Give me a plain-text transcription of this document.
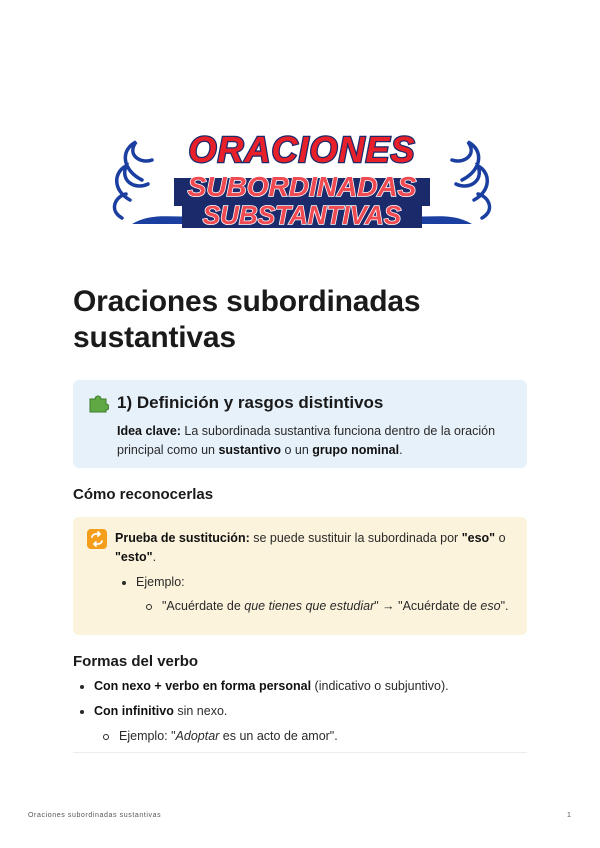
ORACIONES
SUBORDINADAS
SUBSTANTIVAS
Oraciones subordinadas
sustantivas
1) Definición y rasgos distintivos

Idea clave: La subordinada sustantiva funciona dentro de la oración principal como un sustantivo o un grupo nominal.

Cómo reconocerlas
Prueba de sustitución: se puede sustituir la subordinada por "eso" o "esto".
Ejemplo:
"Acuérdate de que tienes que estudiar" → "Acuérdate de eso".
Formas del verbo
Con nexo + verbo en forma personal (indicativo o subjuntivo).
Con infinitivo sin nexo.
Ejemplo: "Adoptar es un acto de amor".
Oraciones subordinadas sustantivas	1
